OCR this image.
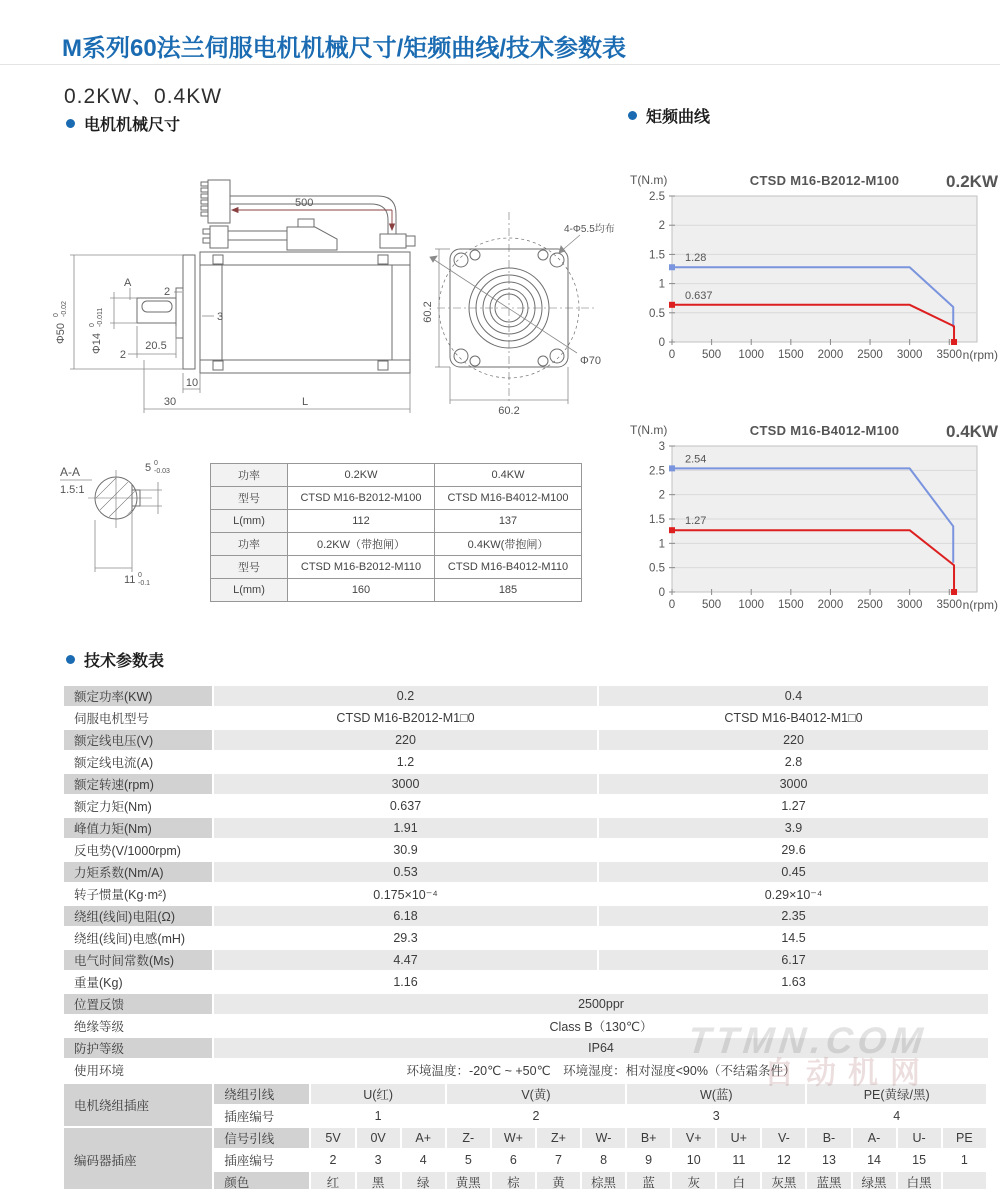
M系列60法兰伺服电机机械尺寸/矩频曲线/技术参数表
0.2KW、0.4KW
电机机械尺寸	矩频曲线
500
A
2
3
Φ50
0 -0.02
Φ14
0 -0.011
20.5
2
10
30	L
60.2
60.2
4-Φ5.5均布
Φ70
A-A
1.5:1
5 0
-0.03
11 0
-0.1
功率	0.2KW	0.4KW
型号	CTSD M16-B2012-M100	CTSD M16-B4012-M100
L(mm)	112	137
功率	0.2KW（带抱闸）	0.4KW(带抱闸）
型号	CTSD M16-B2012-M110	CTSD M16-B4012-M110
L(mm)	160	185
0
0.5
1
1.5
2
2.5
0 500 1000 1500 2000 2500 3000 3500
T(N.m)	CTSD M16-B2012-M100	0.2KW
n(rpm)
1.28
0.637
0
0.5
1
1.5
2
2.5
3
0 500 1000 1500 2000 2500 3000 3500
T(N.m)	CTSD M16-B4012-M100	0.4KW
n(rpm)
2.54
1.27
技术参数表
额定功率(KW)	0.2	0.4
伺服电机型号	CTSD M16-B2012-M1□0	CTSD M16-B4012-M1□0
额定线电压(V)	220	220
额定线电流(A)	1.2	2.8
额定转速(rpm)	3000	3000
额定力矩(Nm)	0.637	1.27
峰值力矩(Nm)	1.91	3.9
反电势(V/1000rpm)	30.9	29.6
力矩系数(Nm/A)	0.53	0.45
转子惯量(Kg·m²)	0.175×10⁻⁴	0.29×10⁻⁴
绕组(线间)电阻(Ω)	6.18	2.35
绕组(线间)电感(mH)	29.3	14.5
电气时间常数(Ms)	4.47	6.17
重量(Kg)	1.16	1.63
位置反馈	2500ppr	
绝缘等级	Class B（130℃）	
防护等级	IP64	
使用环境	环境温度：-20℃ ~ +50℃　环境湿度：相对湿度<90%（不结霜条件）	
电机绕组插座	绕组引线	U(红)			V(黄)				W(蓝)				PE(黄绿/黑)			
	插座编号	1			2				3				4			
编码器插座	信号引线	5V	0V	A+	Z-	W+	Z+	W-	B+	V+	U+	V-	B-	A-	U-	PE
	插座编号	2	3	4	5	6	7	8	9	10	11	12	13	14	15	1
	颜色	红	黑	绿	黄黑	棕	黄	棕黑	蓝	灰	白	灰黑	蓝黑	绿黑	白黑	
